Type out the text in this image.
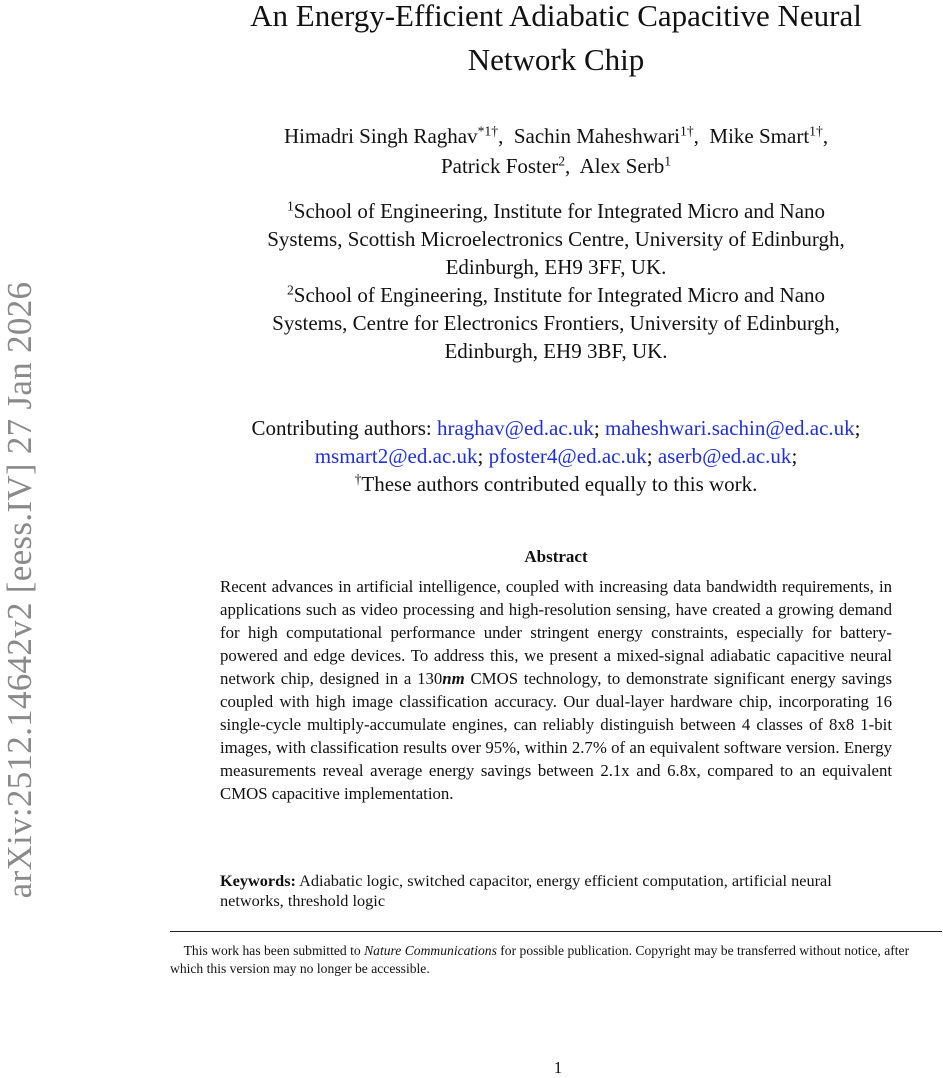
arXiv:2512.14642v2 [eess.IV] 27 Jan 2026
An Energy-Efficient Adiabatic Capacitive Neural
Network Chip
Himadri Singh Raghav$^{*1\dagger}$,  Sachin Maheshwari$^{1\dagger}$,  Mike Smart$^{1\dagger}$,
Patrick Foster$^2$,  Alex Serb$^1$
$^1$School of Engineering, Institute for Integrated Micro and Nano
Systems, Scottish Microelectronics Centre, University of Edinburgh,
Edinburgh, EH9 3FF, UK.
$^2$School of Engineering, Institute for Integrated Micro and Nano
Systems, Centre for Electronics Frontiers, University of Edinburgh,
Edinburgh, EH9 3BF, UK.
Contributing authors: hraghav@ed.ac.uk; maheshwari.sachin@ed.ac.uk;
msmart2@ed.ac.uk; pfoster4@ed.ac.uk; aserb@ed.ac.uk;
†These authors contributed equally to this work.
Abstract
Recent advances in artificial intelligence, coupled with increasing data bandwidth requirements, in applications such as video processing and high-resolution sensing, have created a growing demand for high computational performance under stringent energy constraints, especially for battery-powered and edge devices. To address this, we present a mixed-signal adiabatic capacitive neural network chip, designed in a 130nm CMOS technology, to demonstrate significant energy savings coupled with high image classification accuracy. Our dual-layer hardware chip, incorporating 16 single-cycle multiply-accumulate engines, can reliably distinguish between 4 classes of 8x8 1-bit images, with classification results over 95%, within 2.7% of an equivalent software version. Energy measurements reveal average energy savings between 2.1x and 6.8x, compared to an equivalent CMOS capacitive implementation.
Keywords: Adiabatic logic, switched capacitor, energy efficient computation, artificial neural networks, threshold logic
This work has been submitted to Nature Communications for possible publication. Copyright may be transferred without notice, after which this version may no longer be accessible.
1
